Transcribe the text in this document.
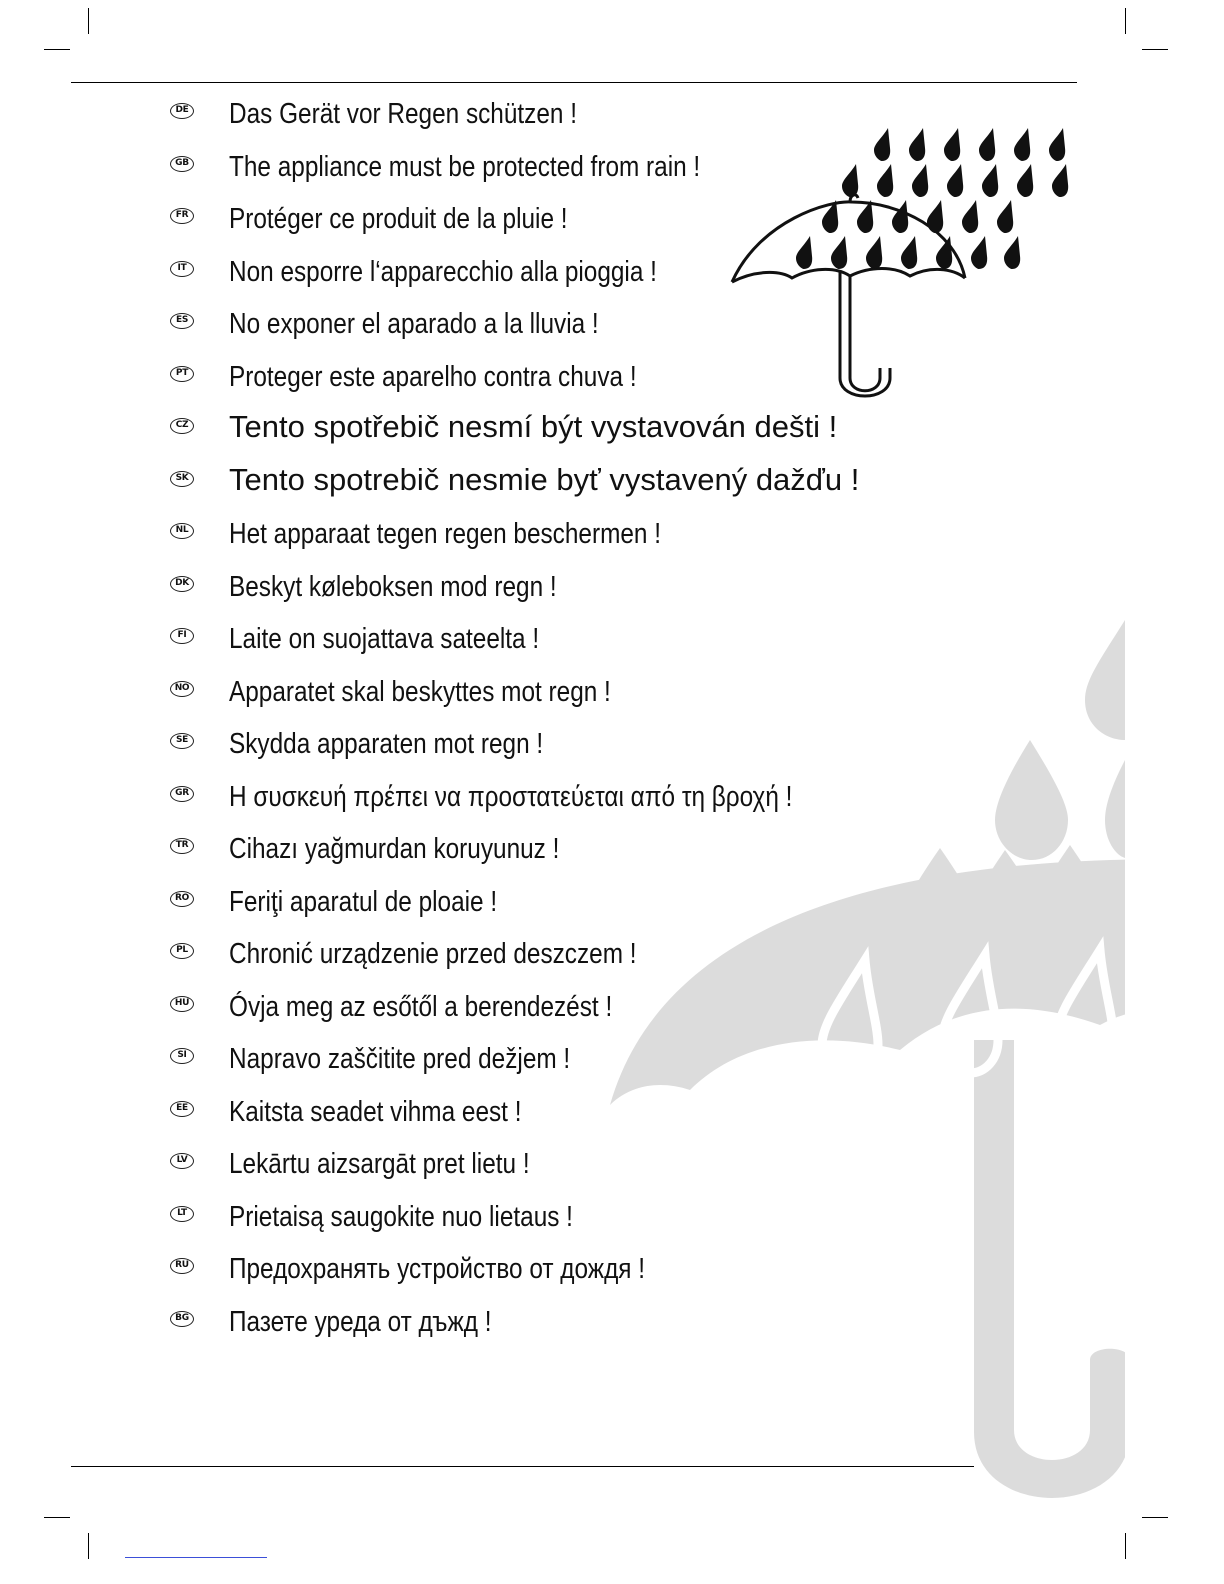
DE Das Gerät vor Regen schützen !
GB The appliance must be protected from rain !
FR Protéger ce produit de la pluie !
IT Non esporre l‘apparecchio alla pioggia !
ES No exponer el aparado a la lluvia !
PT Proteger este aparelho contra chuva !
CZ Tento spotřebič nesmí být vystavován dešti !
SK Tento spotrebič nesmie byť vystavený dažďu !
NL Het apparaat tegen regen beschermen !
DK Beskyt køleboksen mod regn !
FI Laite on suojattava sateelta !
NO Apparatet skal beskyttes mot regn !
SE Skydda apparaten mot regn !
GR Η συσκευή πρέπει να προστατεύεται από τη βροχή !
TR Cihazı yağmurdan koruyunuz !
RO Feriţi aparatul de ploaie !
PL Chronić urządzenie przed deszczem !
HU Óvja meg az esőtől a berendezést !
SI Napravo zaščitite pred dežjem !
EE Kaitsta seadet vihma eest !
LV Lekārtu aizsargāt pret lietu !
LT Prietaisą saugokite nuo lietaus !
RU Предохранять устройство от дождя !
BG Пазете уреда от дъжд !
